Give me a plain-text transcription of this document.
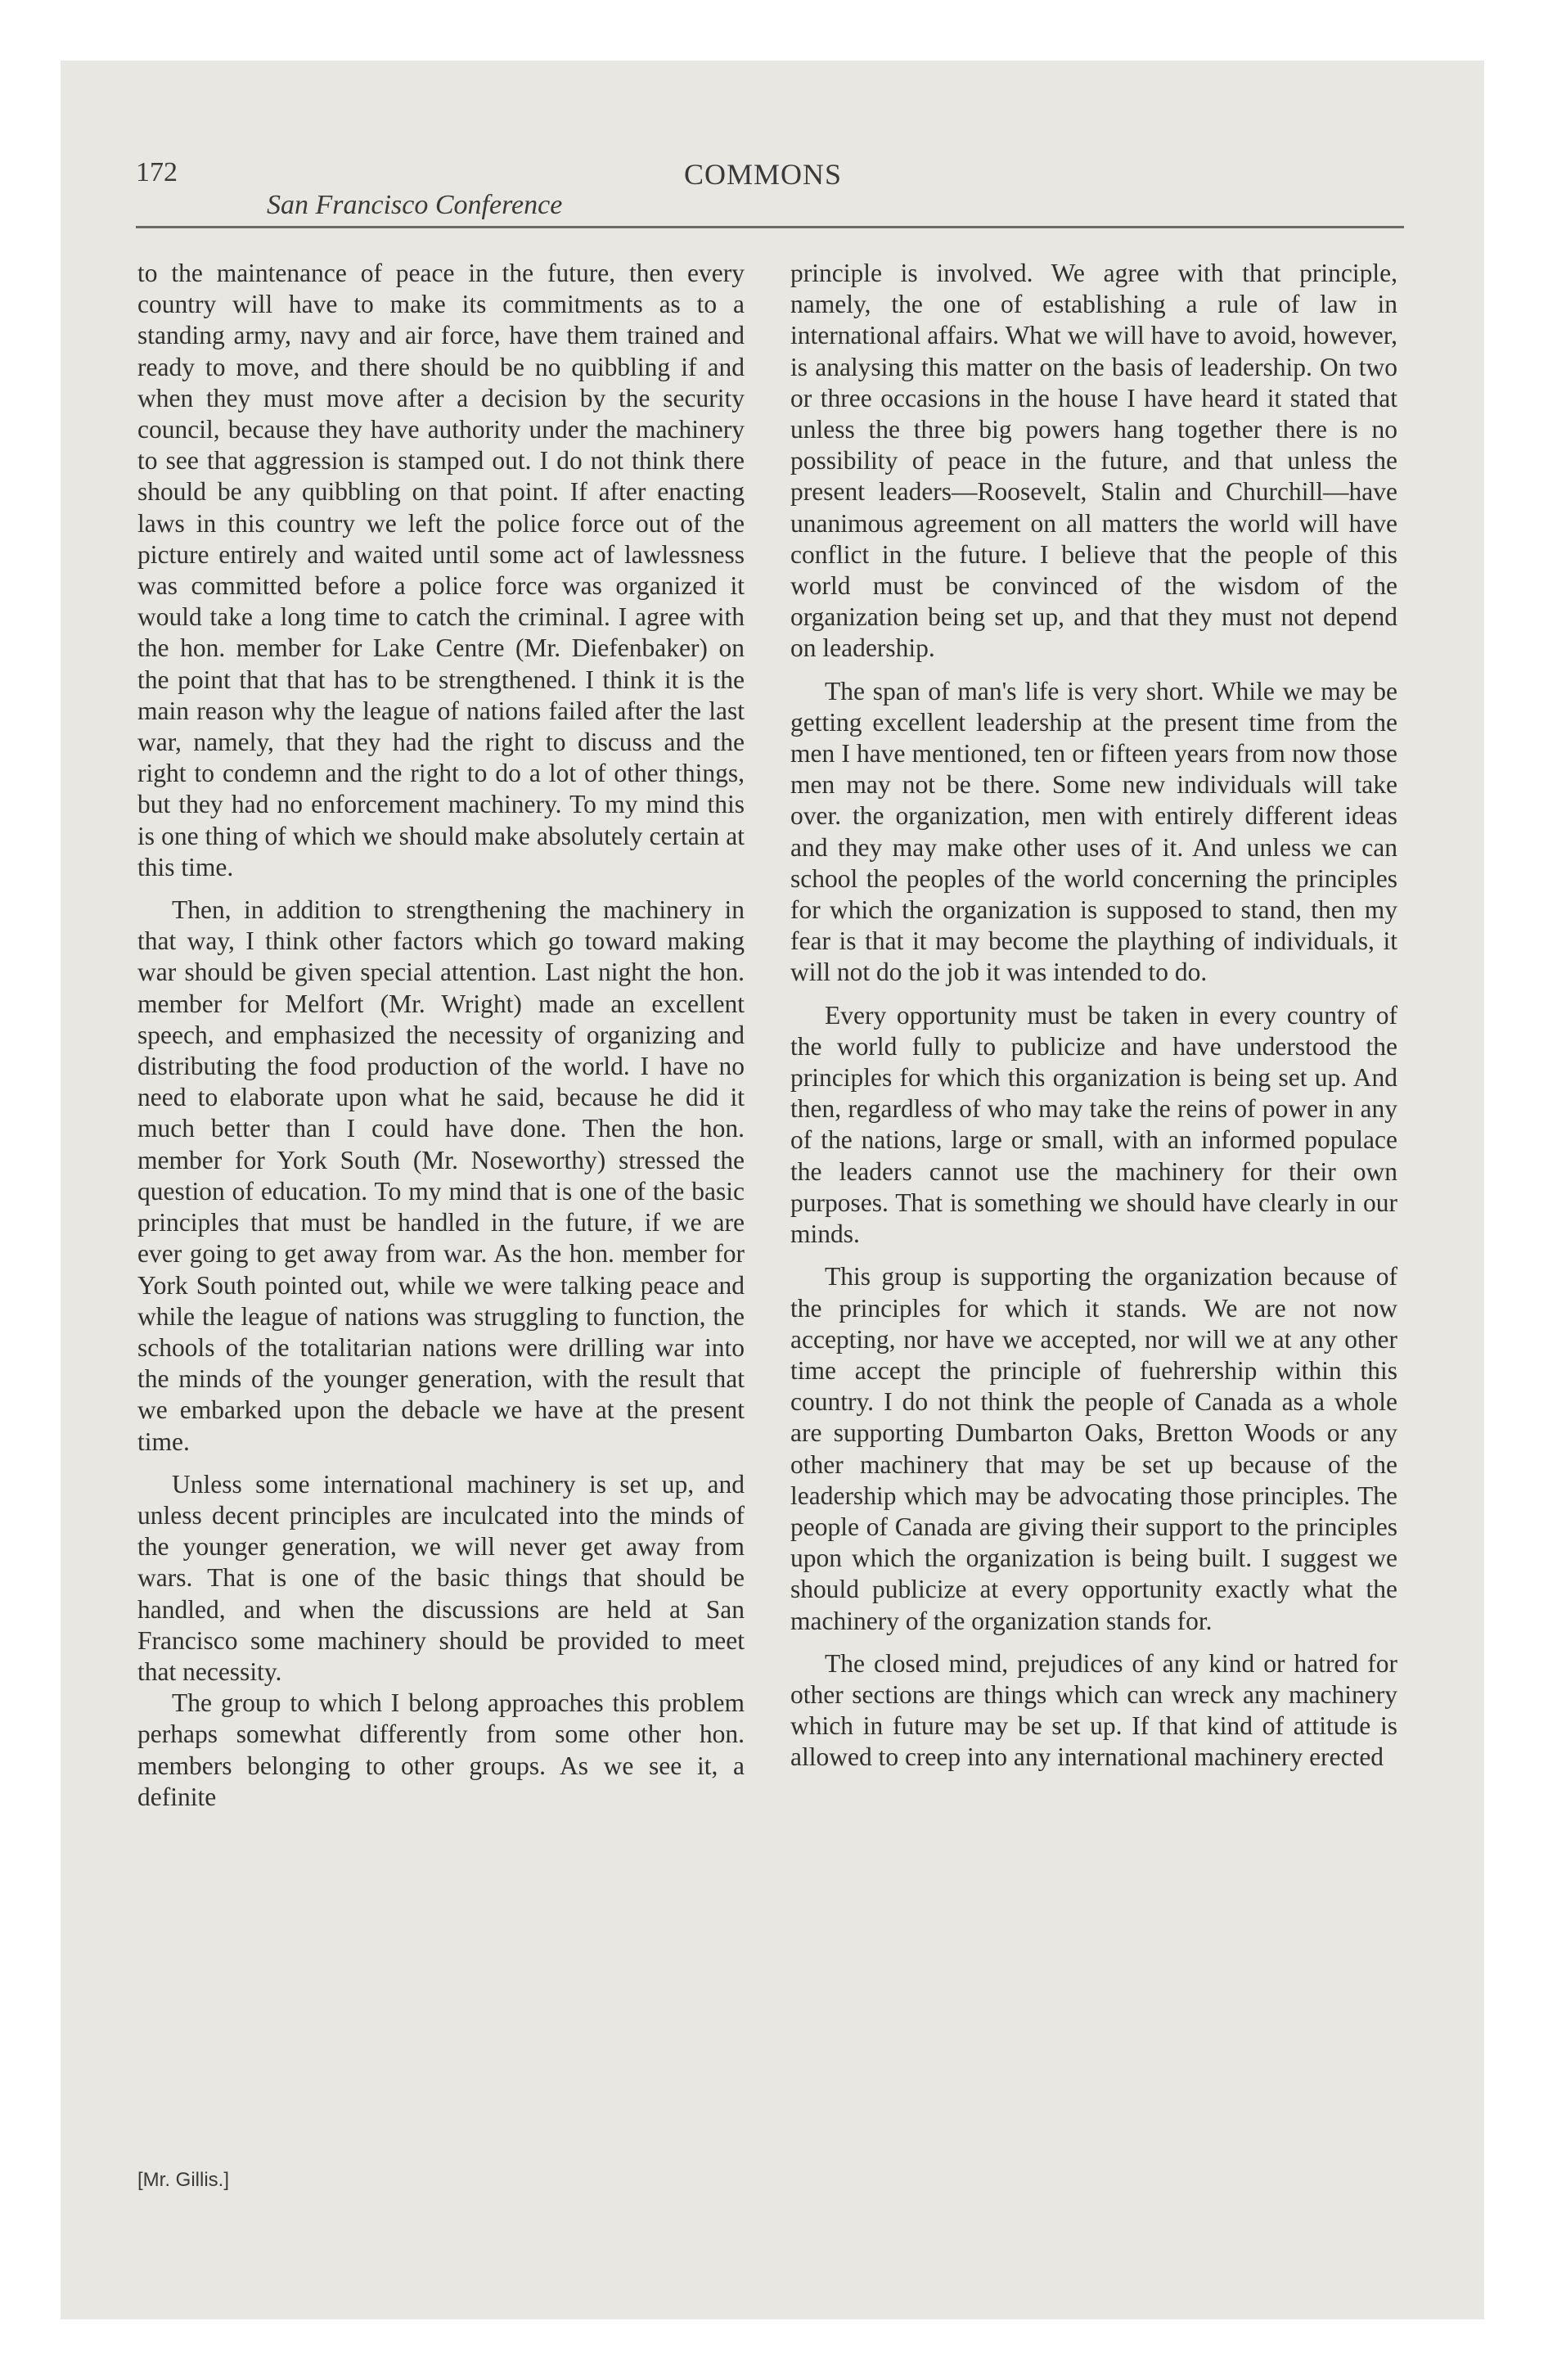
172	COMMONS
San Francisco Conference

to the maintenance of peace in the future, then every country will have to make its commitments as to a standing army, navy and air force, have them trained and ready to move, and there should be no quibbling if and when they must move after a decision by the security council, because they have authority under the machinery to see that aggression is stamped out. I do not think there should be any quibbling on that point. If after enacting laws in this country we left the police force out of the picture entirely and waited until some act of lawlessness was committed before a police force was organized it would take a long time to catch the criminal. I agree with the hon. member for Lake Centre (Mr. Diefenbaker) on the point that that has to be strengthened. I think it is the main reason why the league of nations failed after the last war, namely, that they had the right to discuss and the right to condemn and the right to do a lot of other things, but they had no enforcement machinery. To my mind this is one thing of which we should make absolutely certain at this time.

Then, in addition to strengthening the machinery in that way, I think other factors which go toward making war should be given special attention. Last night the hon. member for Melfort (Mr. Wright) made an excellent speech, and emphasized the necessity of organizing and distributing the food production of the world. I have no need to elaborate upon what he said, because he did it much better than I could have done. Then the hon. member for York South (Mr. Noseworthy) stressed the question of education. To my mind that is one of the basic principles that must be handled in the future, if we are ever going to get away from war. As the hon. member for York South pointed out, while we were talking peace and while the league of nations was struggling to function, the schools of the totalitarian nations were drilling war into the minds of the younger generation, with the result that we embarked upon the debacle we have at the present time.

Unless some international machinery is set up, and unless decent principles are inculcated into the minds of the younger generation, we will never get away from wars. That is one of the basic things that should be handled, and when the discussions are held at San Francisco some machinery should be provided to meet that necessity.

The group to which I belong approaches this problem perhaps somewhat differently from some other hon. members belonging to other groups. As we see it, a definite

[Mr. Gillis.]

principle is involved. We agree with that principle, namely, the one of establishing a rule of law in international affairs. What we will have to avoid, however, is analysing this matter on the basis of leadership. On two or three occasions in the house I have heard it stated that unless the three big powers hang together there is no possibility of peace in the future, and that unless the present leaders—Roosevelt, Stalin and Churchill—have unanimous agreement on all matters the world will have conflict in the future. I believe that the people of this world must be convinced of the wisdom of the organization being set up, and that they must not depend on leadership.

The span of man's life is very short. While we may be getting excellent leadership at the present time from the men I have mentioned, ten or fifteen years from now those men may not be there. Some new individuals will take over. the organization, men with entirely different ideas and they may make other uses of it. And unless we can school the peoples of the world concerning the principles for which the organization is supposed to stand, then my fear is that it may become the plaything of individuals, it will not do the job it was intended to do.

Every opportunity must be taken in every country of the world fully to publicize and have understood the principles for which this organization is being set up. And then, regardless of who may take the reins of power in any of the nations, large or small, with an informed populace the leaders cannot use the machinery for their own purposes. That is something we should have clearly in our minds.

This group is supporting the organization because of the principles for which it stands. We are not now accepting, nor have we accepted, nor will we at any other time accept the principle of fuehrership within this country. I do not think the people of Canada as a whole are supporting Dumbarton Oaks, Bretton Woods or any other machinery that may be set up because of the leadership which may be advocating those principles. The people of Canada are giving their support to the principles upon which the organization is being built. I suggest we should publicize at every opportunity exactly what the machinery of the organization stands for.

The closed mind, prejudices of any kind or hatred for other sections are things which can wreck any machinery which in future may be set up. If that kind of attitude is allowed to creep into any international machinery erected
